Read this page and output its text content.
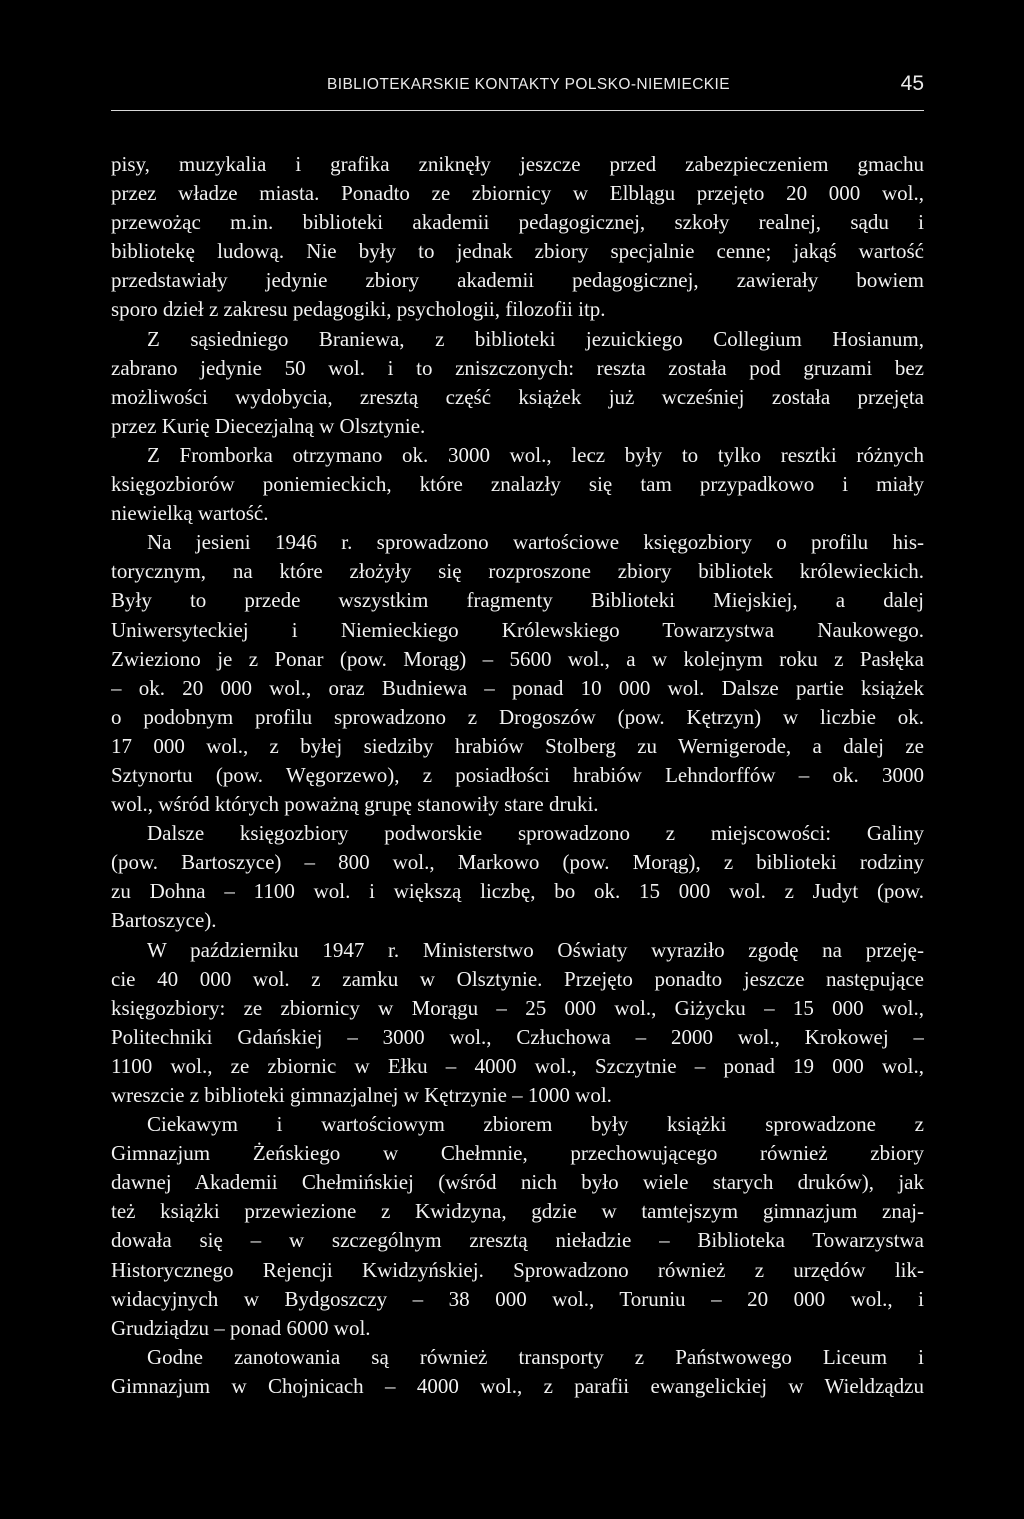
BIBLIOTEKARSKIE KONTAKTY POLSKO-NIEMIECKIE	45
pisy, muzykalia i grafika zniknęły jeszcze przed zabezpieczeniem gmachu
przez władze miasta. Ponadto ze zbiornicy w Elblągu przejęto 20 000 wol.,
przewożąc m.in. biblioteki akademii pedagogicznej, szkoły realnej, sądu i
bibliotekę ludową. Nie były to jednak zbiory specjalnie cenne; jakąś wartość
przedstawiały jedynie zbiory akademii pedagogicznej, zawierały bowiem
sporo dzieł z zakresu pedagogiki, psychologii, filozofii itp.
Z sąsiedniego Braniewa, z biblioteki jezuickiego Collegium Hosianum,
zabrano jedynie 50 wol. i to zniszczonych: reszta została pod gruzami bez
możliwości wydobycia, zresztą część książek już wcześniej została przejęta
przez Kurię Diecezjalną w Olsztynie.
Z Fromborka otrzymano ok. 3000 wol., lecz były to tylko resztki różnych
księgozbiorów poniemieckich, które znalazły się tam przypadkowo i miały
niewielką wartość.
Na jesieni 1946 r. sprowadzono wartościowe księgozbiory o profilu his-
torycznym, na które złożyły się rozproszone zbiory bibliotek królewieckich.
Były to przede wszystkim fragmenty Biblioteki Miejskiej, a dalej
Uniwersyteckiej i Niemieckiego Królewskiego Towarzystwa Naukowego.
Zwieziono je z Ponar (pow. Morąg) – 5600 wol., a w kolejnym roku z Pasłęka
– ok. 20 000 wol., oraz Budniewa – ponad 10 000 wol. Dalsze partie książek
o podobnym profilu sprowadzono z Drogoszów (pow. Kętrzyn) w liczbie ok.
17 000 wol., z byłej siedziby hrabiów Stolberg zu Wernigerode, a dalej ze
Sztynortu (pow. Węgorzewo), z posiadłości hrabiów Lehndorffów – ok. 3000
wol., wśród których poważną grupę stanowiły stare druki.
Dalsze księgozbiory podworskie sprowadzono z miejscowości: Galiny
(pow. Bartoszyce) – 800 wol., Markowo (pow. Morąg), z biblioteki rodziny
zu Dohna – 1100 wol. i większą liczbę, bo ok. 15 000 wol. z Judyt (pow.
Bartoszyce).
W październiku 1947 r. Ministerstwo Oświaty wyraziło zgodę na przeję-
cie 40 000 wol. z zamku w Olsztynie. Przejęto ponadto jeszcze następujące
księgozbiory: ze zbiornicy w Morągu – 25 000 wol., Giżycku – 15 000 wol.,
Politechniki Gdańskiej – 3000 wol., Człuchowa – 2000 wol., Krokowej –
1100 wol., ze zbiornic w Ełku – 4000 wol., Szczytnie – ponad 19 000 wol.,
wreszcie z biblioteki gimnazjalnej w Kętrzynie – 1000 wol.
Ciekawym i wartościowym zbiorem były książki sprowadzone z
Gimnazjum Żeńskiego w Chełmnie, przechowującego również zbiory
dawnej Akademii Chełmińskiej (wśród nich było wiele starych druków), jak
też książki przewiezione z Kwidzyna, gdzie w tamtejszym gimnazjum znaj-
dowała się – w szczególnym zresztą nieładzie – Biblioteka Towarzystwa
Historycznego Rejencji Kwidzyńskiej. Sprowadzono również z urzędów lik-
widacyjnych w Bydgoszczy – 38 000 wol., Toruniu – 20 000 wol., i
Grudziądzu – ponad 6000 wol.
Godne zanotowania są również transporty z Państwowego Liceum i
Gimnazjum w Chojnicach – 4000 wol., z parafii ewangelickiej w Wieldządzu
